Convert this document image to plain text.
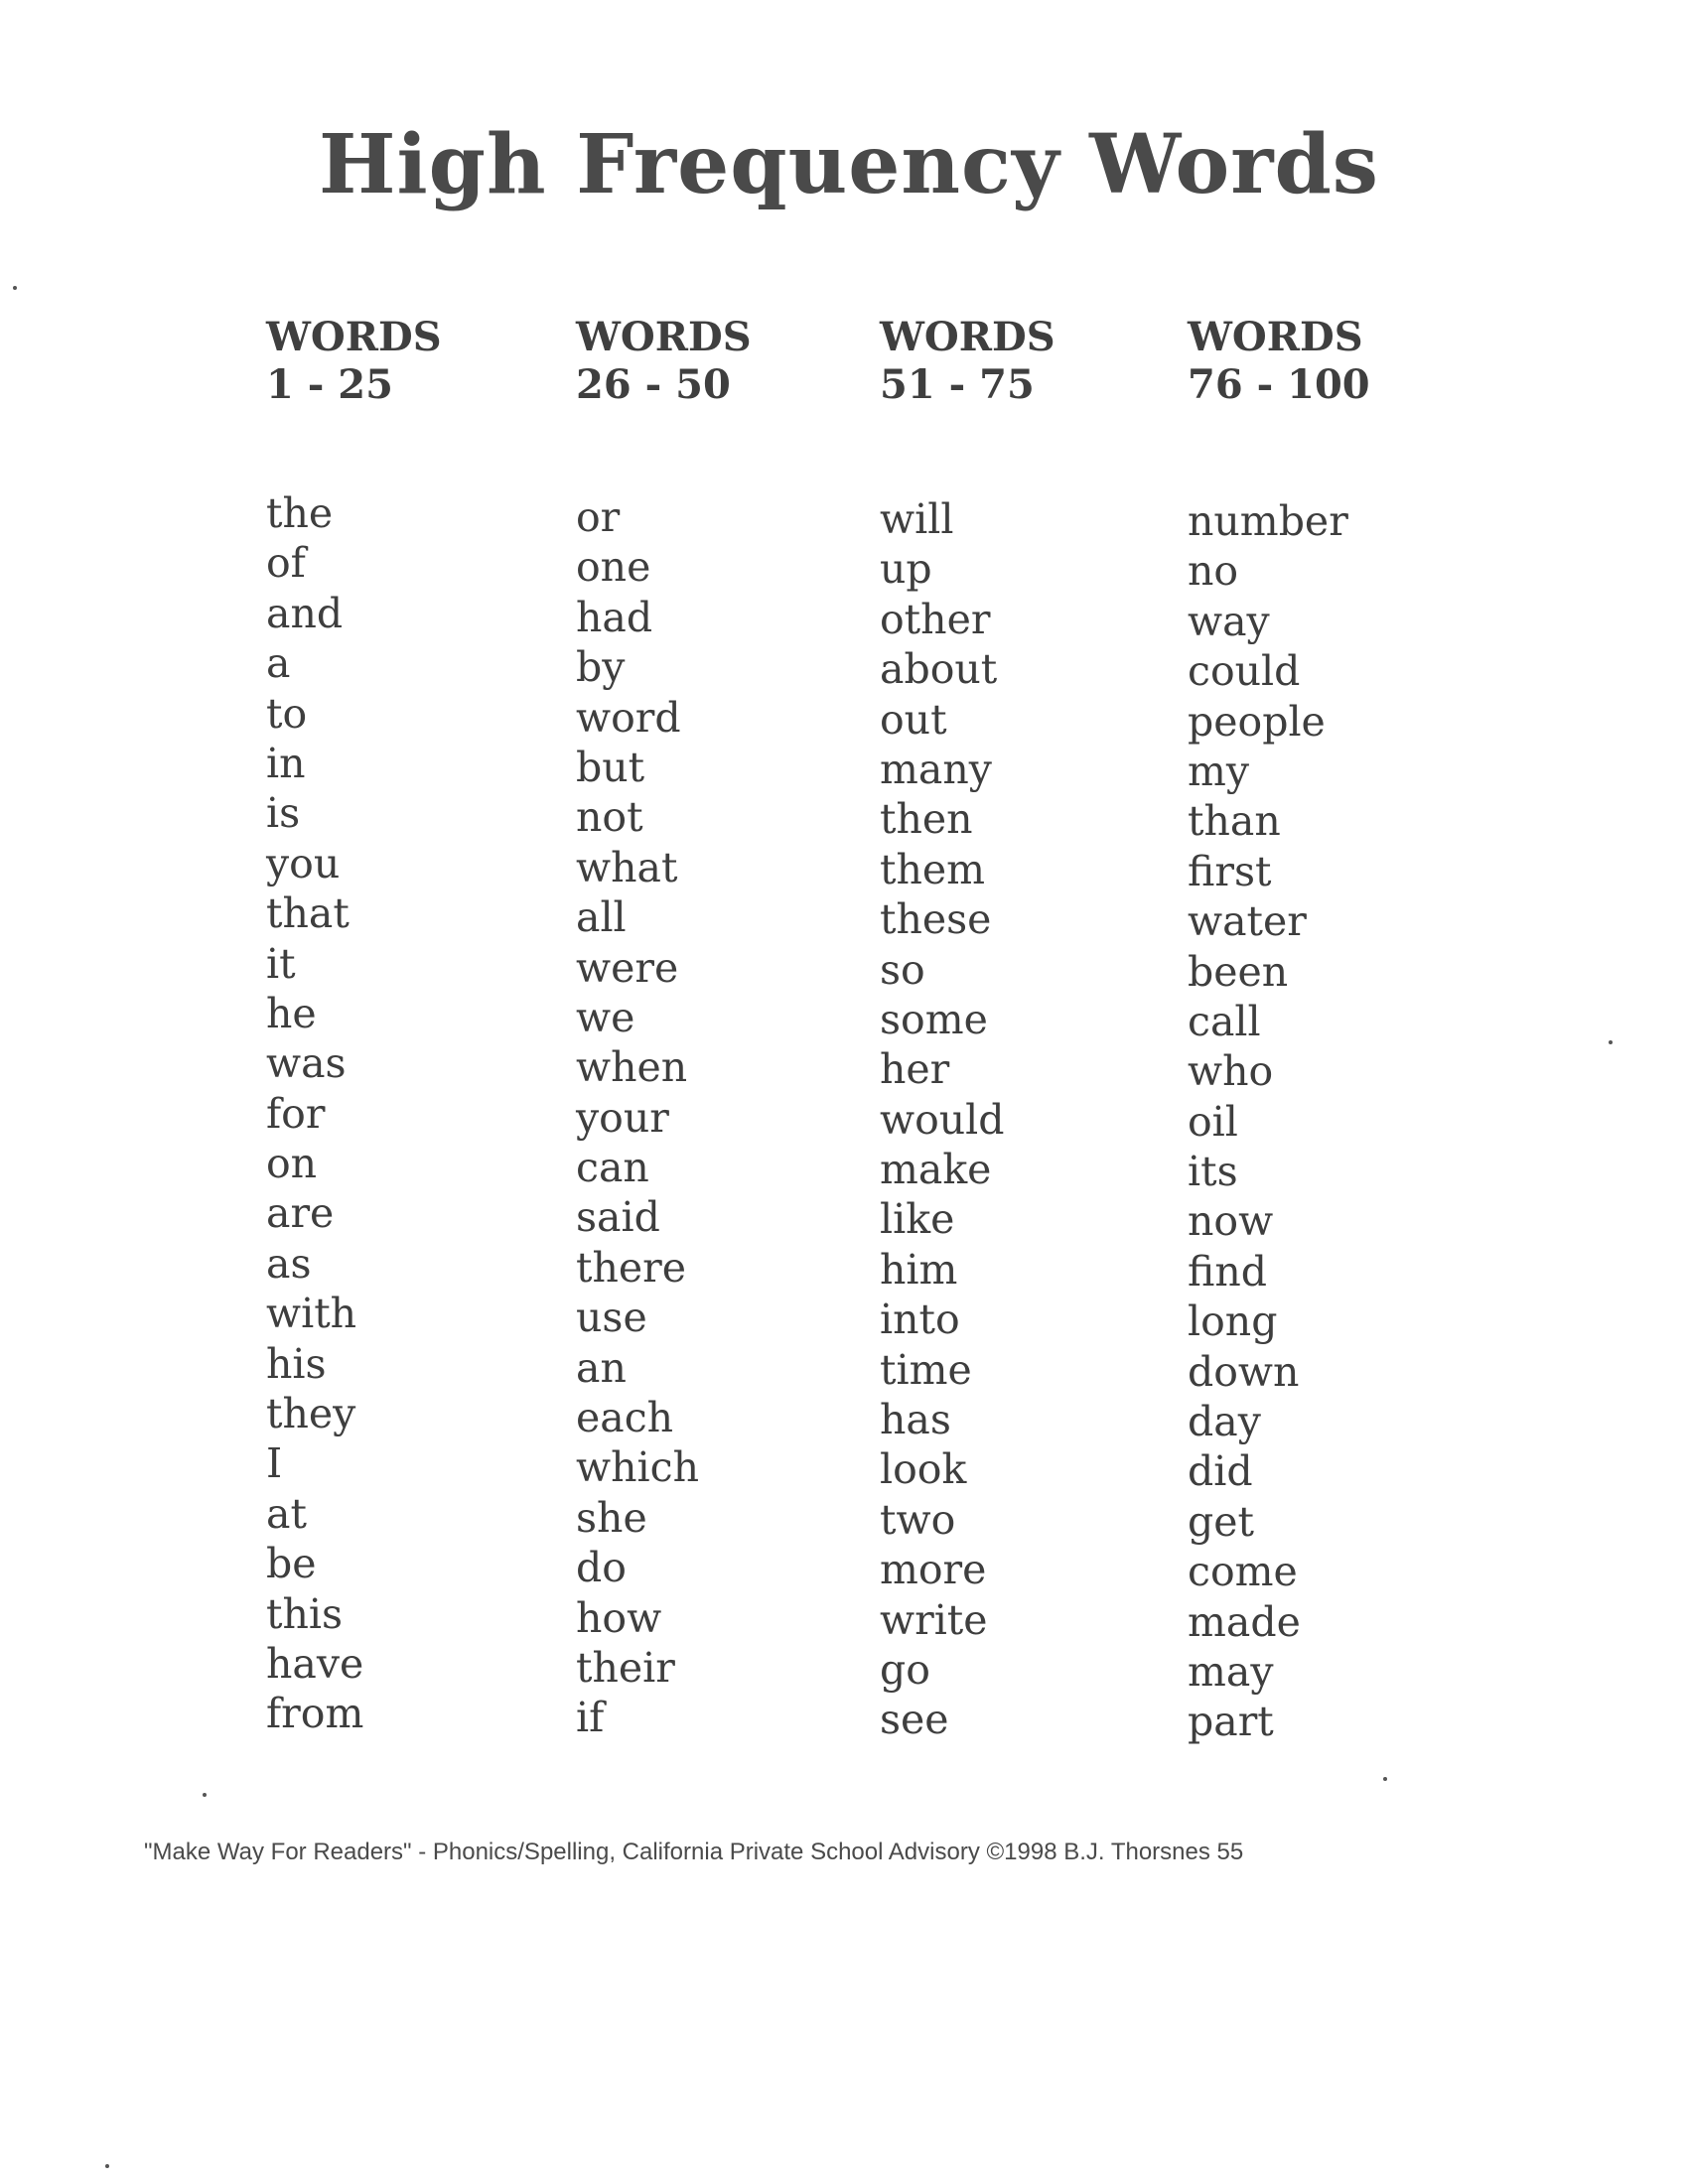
High Frequency Words
WORDS
1 - 25
the
of
and
a
to
in
is
you
that
it
he
was
for
on
are
as
with
his
they
I
at
be
this
have
from
WORDS
26 - 50
or
one
had
by
word
but
not
what
all
were
we
when
your
can
said
there
use
an
each
which
she
do
how
their
if
WORDS
51 - 75
will
up
other
about
out
many
then
them
these
so
some
her
would
make
like
him
into
time
has
look
two
more
write
go
see
WORDS
76 - 100
number
no
way
could
people
my
than
first
water
been
call
who
oil
its
now
find
long
down
day
did
get
come
made
may
part
"Make Way For Readers" - Phonics/Spelling, California Private School Advisory ©1998 B.J. Thorsnes 55
